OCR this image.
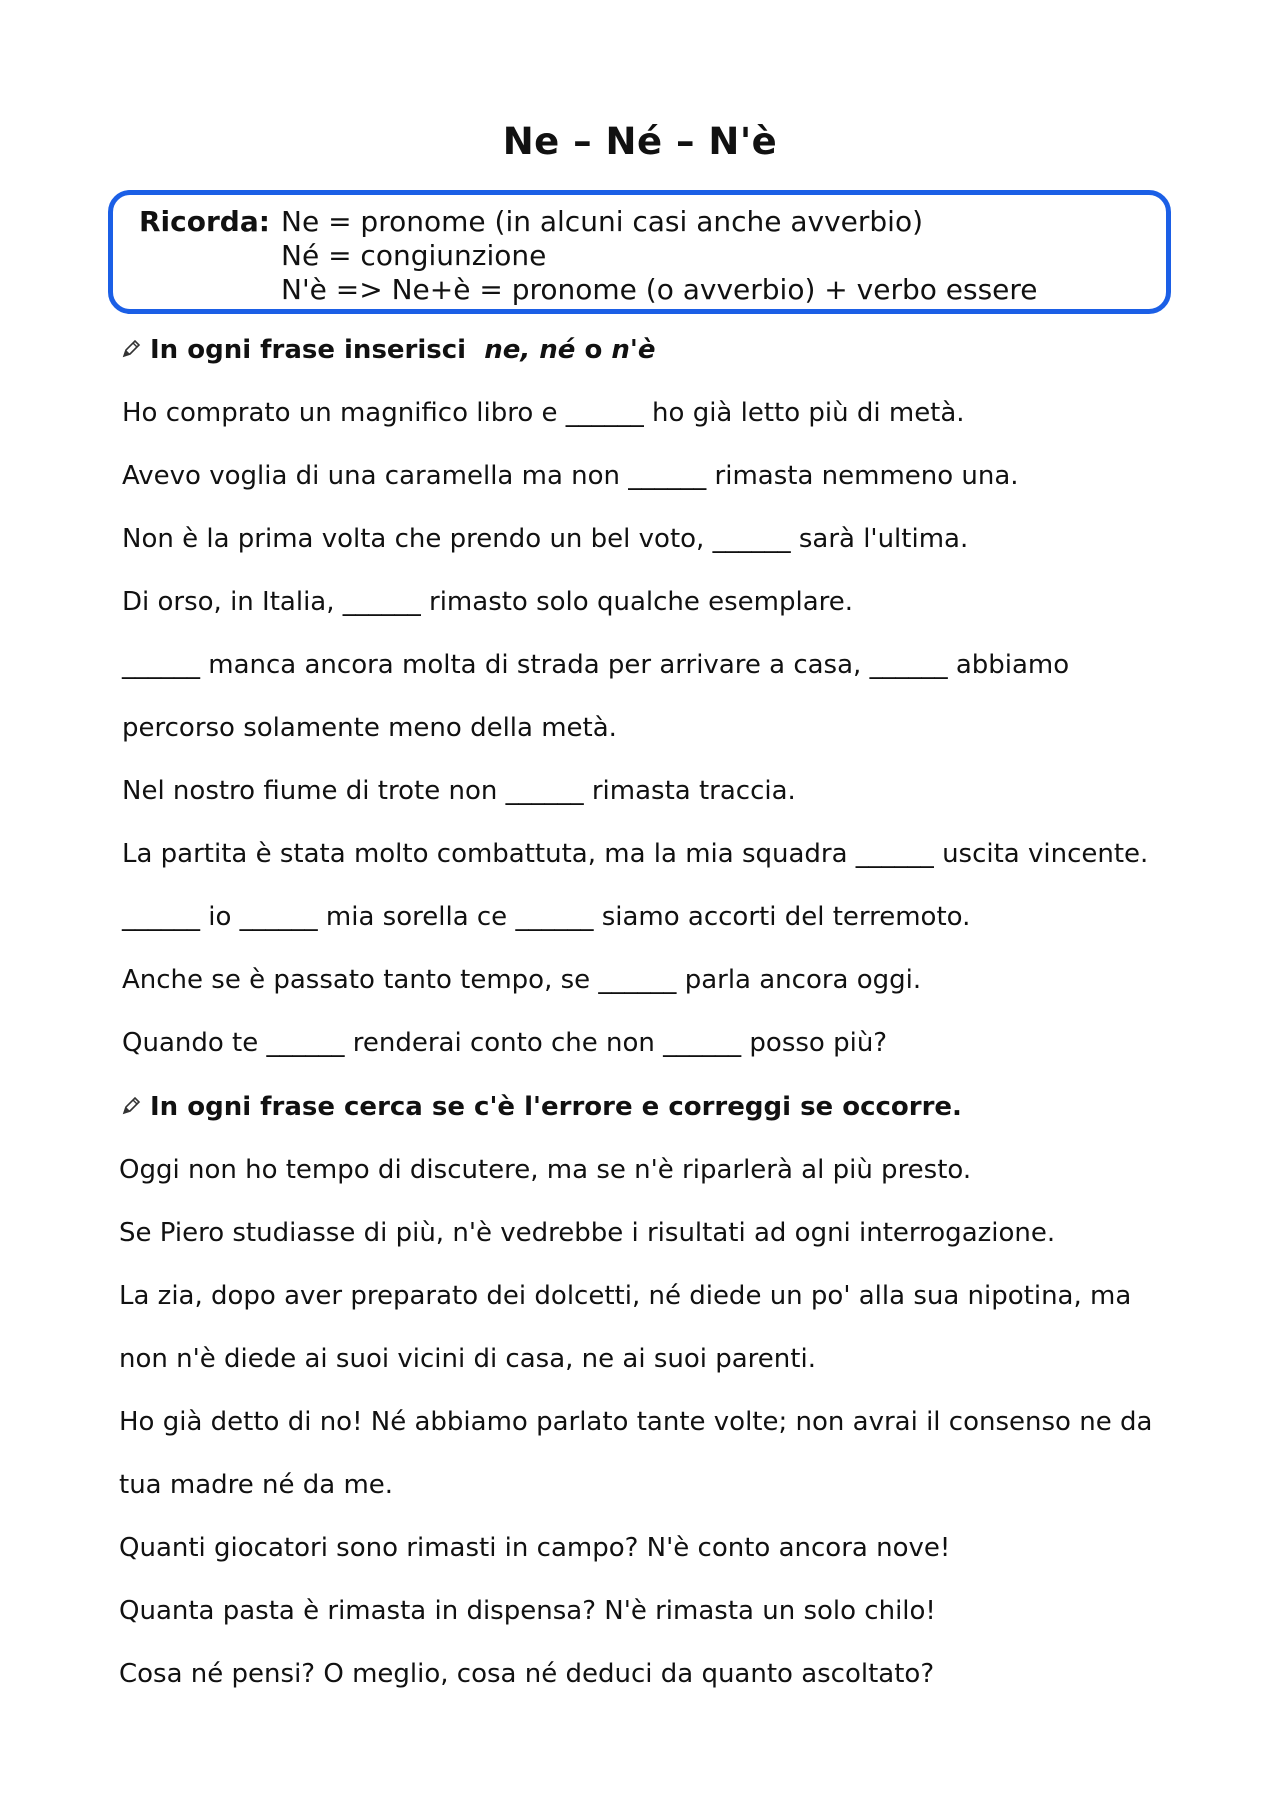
Ne – Né – N'è
Ricorda: Ne = pronome (in alcuni casi anche avverbio)
Né = congiunzione
N'è => Ne+è = pronome (o avverbio) + verbo essere
In ogni frase inserisci  ne, né o n'è
Ho comprato un magnifico libro e ______ ho già letto più di metà.
Avevo voglia di una caramella ma non ______ rimasta nemmeno una.
Non è la prima volta che prendo un bel voto, ______ sarà l'ultima.
Di orso, in Italia, ______ rimasto solo qualche esemplare.
______ manca ancora molta di strada per arrivare a casa, ______ abbiamo
percorso solamente meno della metà.
Nel nostro fiume di trote non ______ rimasta traccia.
La partita è stata molto combattuta, ma la mia squadra ______ uscita vincente.
______ io ______ mia sorella ce ______ siamo accorti del terremoto.
Anche se è passato tanto tempo, se ______ parla ancora oggi.
Quando te ______ renderai conto che non ______ posso più?
In ogni frase cerca se c'è l'errore e correggi se occorre.
Oggi non ho tempo di discutere, ma se n'è riparlerà al più presto.
Se Piero studiasse di più, n'è vedrebbe i risultati ad ogni interrogazione.
La zia, dopo aver preparato dei dolcetti, né diede un po' alla sua nipotina, ma
non n'è diede ai suoi vicini di casa, ne ai suoi parenti.
Ho già detto di no! Né abbiamo parlato tante volte; non avrai il consenso ne da
tua madre né da me.
Quanti giocatori sono rimasti in campo? N'è conto ancora nove!
Quanta pasta è rimasta in dispensa? N'è rimasta un solo chilo!
Cosa né pensi? O meglio, cosa né deduci da quanto ascoltato?
